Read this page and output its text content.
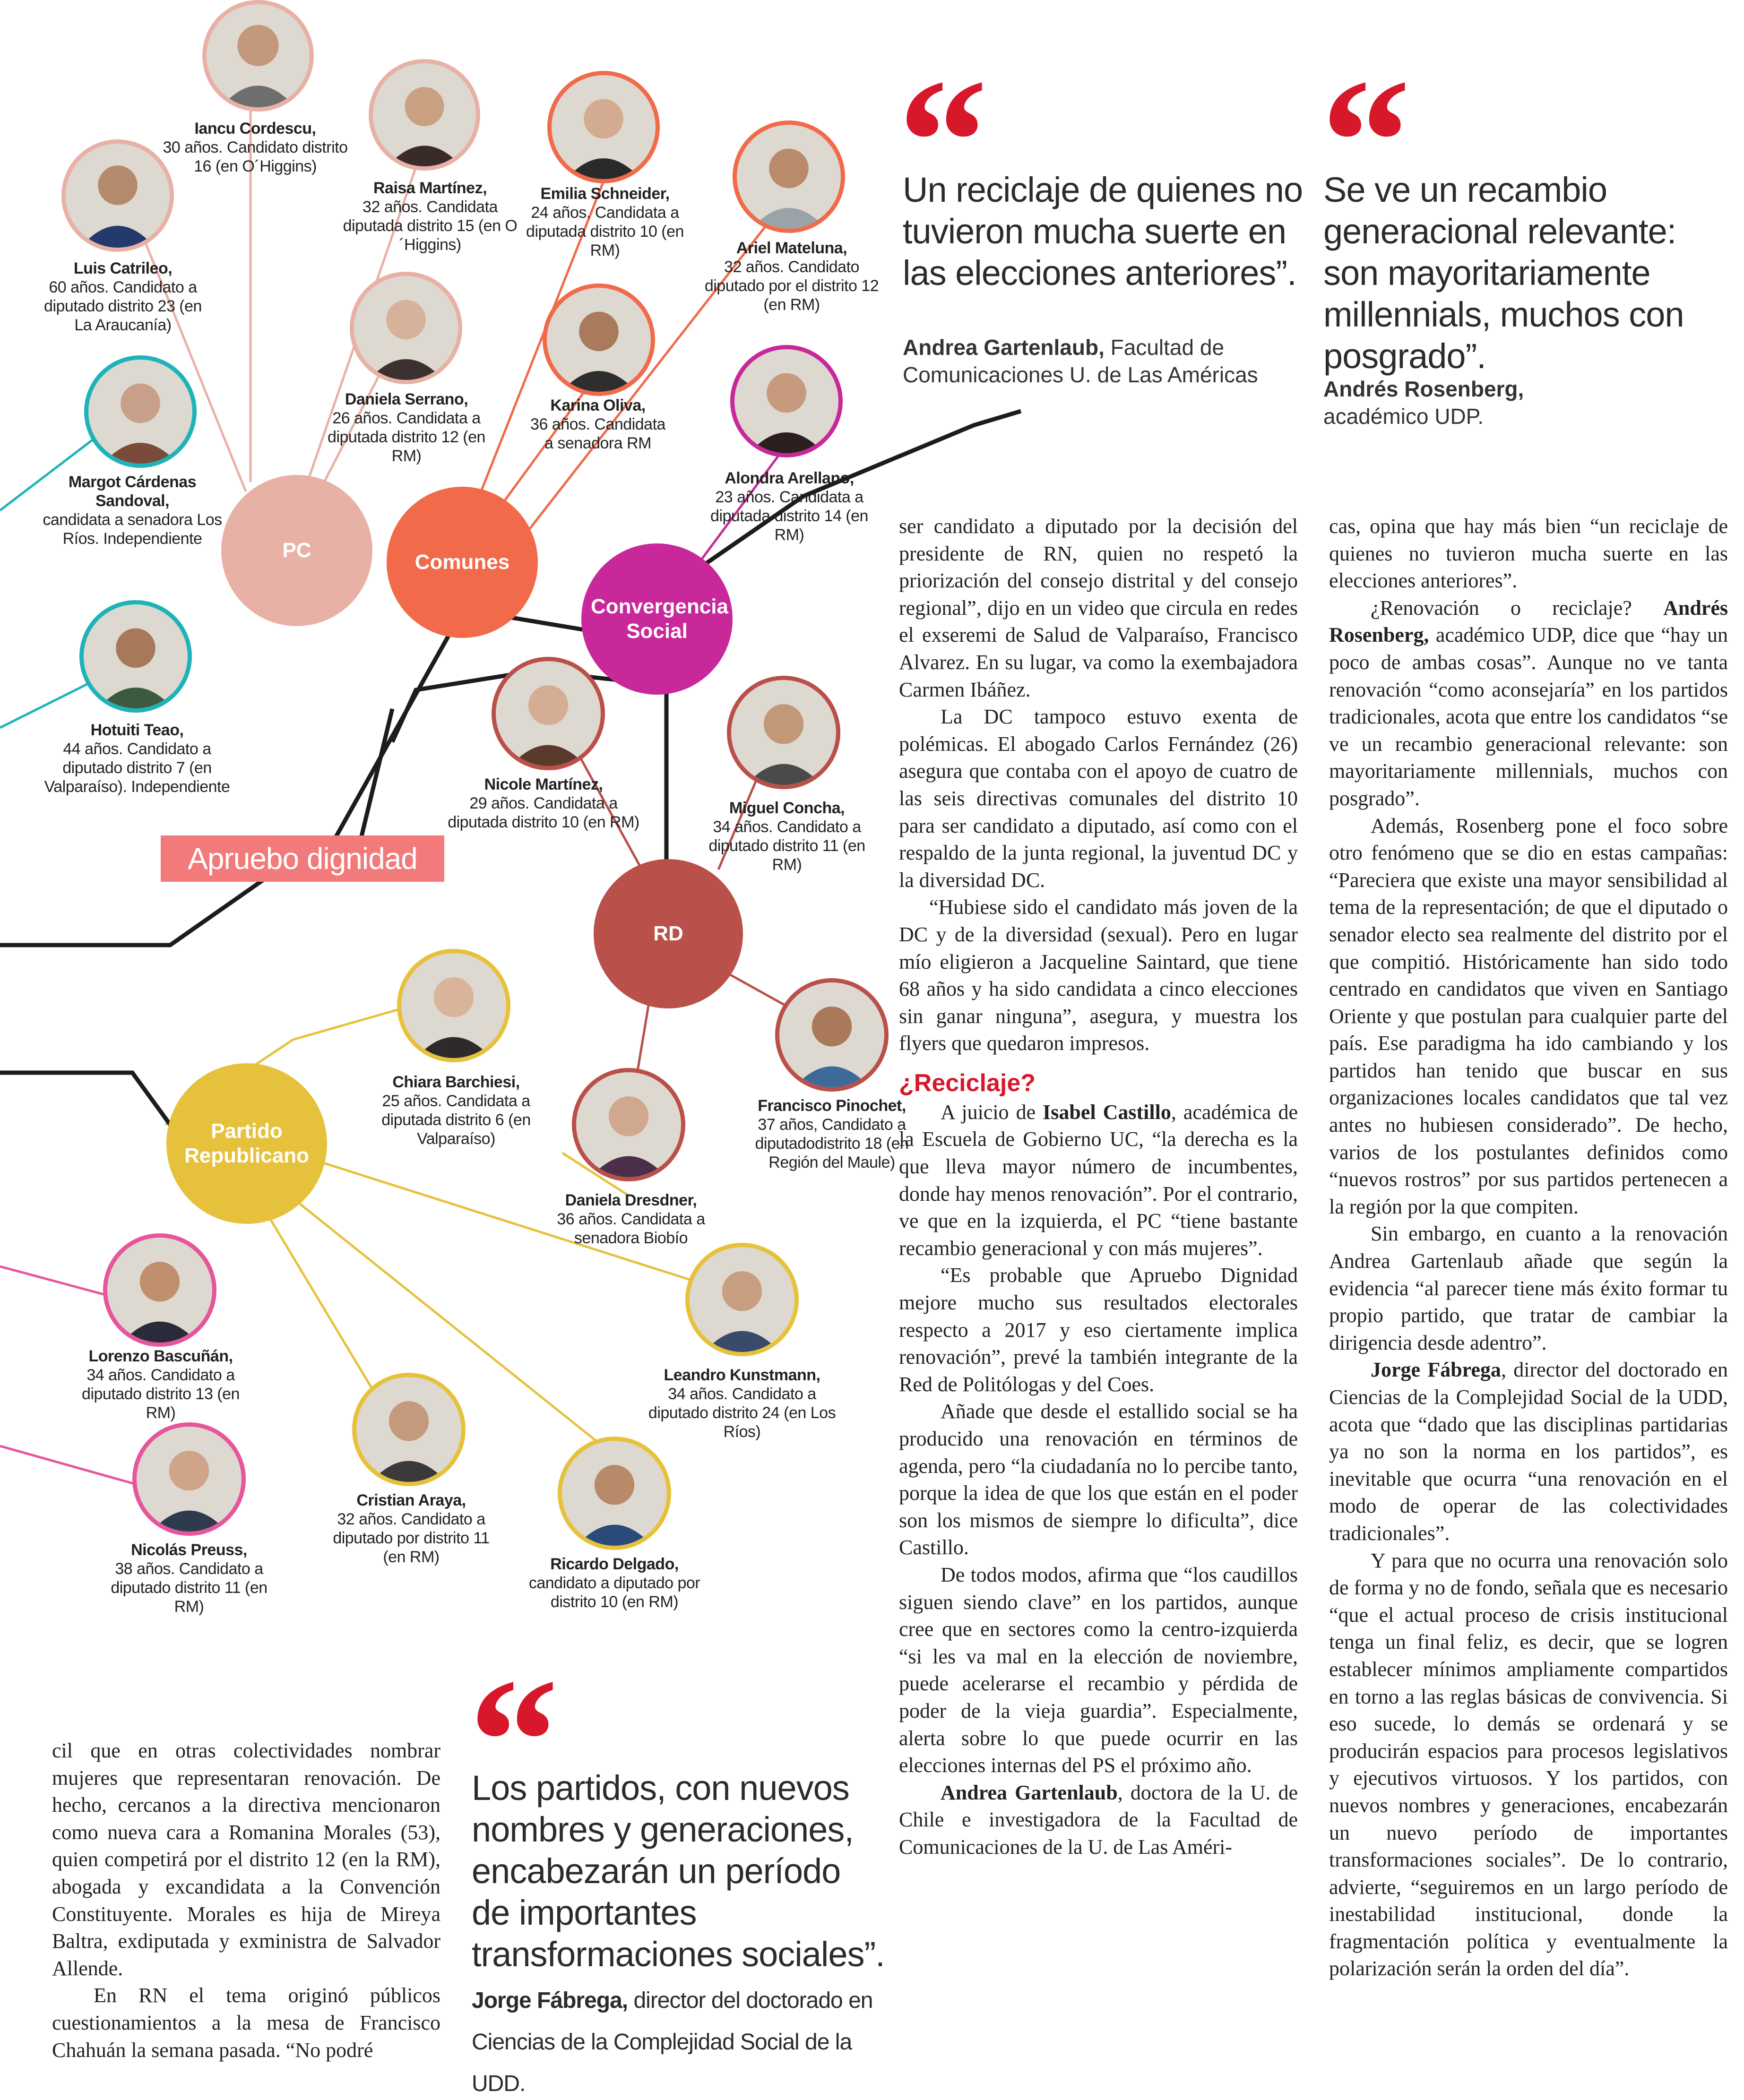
Iancu Cordescu,
30 años. Candidato distrito 16 (en O´Higgins)
Raisa Martínez,
32 años. Candidata diputada distrito 15 (en O´Higgins)
Emilia Schneider,
24 años. Candidata a diputada distrito 10 (en RM)	Ariel Mateluna,
32 años. Candidato diputado por el distrito 12 (en RM)
Luis Catrileo,
60 años. Candidato a diputado distrito 23 (en La Araucanía)
Daniela Serrano,
26 años. Candidata a diputada distrito 12 (en RM)
Karina Oliva,
36 años. Candidata a senadora RM
Margot Cárdenas Sandoval,
candidata a senadora Los Ríos. Independiente
Alondra Arellano,
23 años. Candidata a diputada distrito 14 (en RM)
Hotuiti Teao,
44 años. Candidato a diputado distrito 7 (en Valparaíso). Independiente	Nicole Martínez,
29 años. Candidata a diputada distrito 10 (en RM)
Miguel Concha,
34 años. Candidato a diputado distrito 11 (en RM)
Chiara Barchiesi,
25 años. Candidata a diputada distrito 6 (en Valparaíso)
Francisco Pinochet,
37 años, Candidato a diputadodistrito 18 (en Región del Maule)
Daniela Dresdner,
36 años. Candidata a senadora Biobío
Lorenzo Bascuñán,
34 años. Candidato a diputado distrito 13 (en RM)
Leandro Kunstmann,
34 años. Candidato a diputado distrito 24 (en Los Ríos)
Nicolás Preuss,
38 años. Candidato a diputado distrito 11 (en RM)
Cristian Araya,
32 años. Candidato a diputado por distrito 11 (en RM)	Ricardo Delgado,
candidato a diputado por distrito 10 (en RM)
PC
Comunes
Convergencia Social
RD
Partido Republicano
Apruebo dignidad
Un reciclaje de quienes no tuvieron mucha suerte en las elecciones anteriores”.
Andrea Gartenlaub, Facultad de Comunicaciones U. de Las Américas
Se ve un recambio generacional relevante: son mayoritariamente millennials, muchos con posgrado”.
Andrés Rosenberg,
académico UDP.
Los partidos, con nuevos nombres y generaciones, encabezarán un período de importantes transformaciones sociales”. Jorge Fábrega, director del doctorado en Ciencias de la Complejidad Social de la UDD.

cil que en otras colectividades nombrar mujeres que representaran renovación. De hecho, cercanos a la directiva mencionaron como nueva cara a Romanina Morales (53), quien competirá por el distrito 12 (en la RM), abogada y excandidata a la Convención Constituyente. Morales es hija de Mireya Baltra, exdiputada y exministra de Salvador Allende.

En RN el tema originó públicos cuestionamientos a la mesa de Francisco Chahuán la semana pasada. “No podré

ser candidato a diputado por la decisión del presidente de RN, quien no respetó la priorización del consejo distrital y del consejo regional”, dijo en un video que circula en redes el exseremi de Salud de Valparaíso, Francisco Alvarez. En su lugar, va como la exembajadora Carmen Ibáñez.

La DC tampoco estuvo exenta de polémicas. El abogado Carlos Fernández (26) asegura que contaba con el apoyo de cuatro de las seis directivas comunales del distrito 10 para ser candidato a diputado, así como con el respaldo de la junta regional, la juventud DC y la diversidad DC.

“Hubiese sido el candidato más joven de la DC y de la diversidad (sexual). Pero en lugar mío eligieron a Jacqueline Saintard, que tiene 68 años y ha sido candidata a cinco elecciones sin ganar ninguna”, asegura, y muestra los flyers que quedaron impresos.

¿Reciclaje?

A juicio de Isabel Castillo, académica de la Escuela de Gobierno UC, “la derecha es la que lleva mayor número de incumbentes, donde hay menos renovación”. Por el contrario, ve que en la izquierda, el PC “tiene bastante recambio generacional y con más mujeres”.

“Es probable que Apruebo Dignidad mejore mucho sus resultados electorales respecto a 2017 y eso ciertamente implica renovación”, prevé la también integrante de la Red de Politólogas y del Coes.

Añade que desde el estallido social se ha producido una renovación en términos de agenda, pero “la ciudadanía no lo percibe tanto, porque la idea de que los que están en el poder son los mismos de siempre lo dificulta”, dice Castillo.

De todos modos, afirma que “los caudillos siguen siendo clave” en los partidos, aunque cree que en sectores como la centro-izquierda “si les va mal en la elección de noviembre, puede acelerarse el recambio y pérdida de poder de la vieja guardia”. Especialmente, alerta sobre lo que puede ocurrir en las elecciones internas del PS el próximo año.

Andrea Gartenlaub, doctora de la U. de Chile e investigadora de la Facultad de Comunicaciones de la U. de Las Améri-

cas, opina que hay más bien “un reciclaje de quienes no tuvieron mucha suerte en las elecciones anteriores”.

¿Renovación o reciclaje? Andrés Rosenberg, académico UDP, dice que “hay un poco de ambas cosas”. Aunque no ve tanta renovación “como aconsejaría” en los partidos tradicionales, acota que entre los candidatos “se ve un recambio generacional relevante: son mayoritariamente millennials, muchos con posgrado”.

Además, Rosenberg pone el foco sobre otro fenómeno que se dio en estas campañas: “Pareciera que existe una mayor sensibilidad al tema de la representación; de que el diputado o senador electo sea realmente del distrito por el que compitió. Históricamente han sido todo centrado en candidatos que viven en Santiago Oriente y que postulan para cualquier parte del país. Ese paradigma ha ido cambiando y los partidos han tenido que buscar en sus organizaciones locales candidatos que tal vez antes no hubiesen considerado”. De hecho, varios de los postulantes definidos como “nuevos rostros” por sus partidos pertenecen a la región por la que compiten.

Sin embargo, en cuanto a la renovación Andrea Gartenlaub añade que según la evidencia “al parecer tiene más éxito formar tu propio partido, que tratar de cambiar la dirigencia desde adentro”.

Jorge Fábrega, director del doctorado en Ciencias de la Complejidad Social de la UDD, acota que “dado que las disciplinas partidarias ya no son la norma en los partidos”, es inevitable que ocurra “una renovación en el modo de operar de las colectividades tradicionales”.

Y para que no ocurra una renovación solo de forma y no de fondo, señala que es necesario “que el actual proceso de crisis institucional tenga un final feliz, es decir, que se logren establecer mínimos ampliamente compartidos en torno a las reglas básicas de convivencia. Si eso sucede, lo demás se ordenará y se producirán espacios para procesos legislativos y ejecutivos virtuosos. Y los partidos, con nuevos nombres y generaciones, encabezarán un nuevo período de importantes transformaciones sociales”. De lo contrario, advierte, “seguiremos en un largo período de inestabilidad institucional, donde la fragmentación política y eventualmente la polarización serán la orden del día”.
